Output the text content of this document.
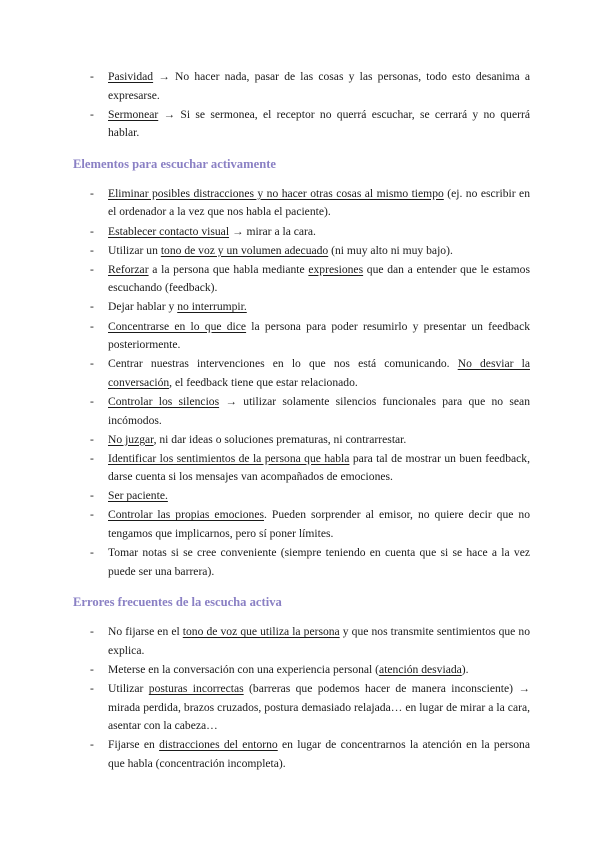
- Pasividad → No hacer nada, pasar de las cosas y las personas, todo esto desanima a expresarse.
- Sermonear → Si se sermonea, el receptor no querrá escuchar, se cerrará y no querrá hablar.
Elementos para escuchar activamente
- Eliminar posibles distracciones y no hacer otras cosas al mismo tiempo (ej. no escribir en el ordenador a la vez que nos habla el paciente).
- Establecer contacto visual → mirar a la cara.
- Utilizar un tono de voz y un volumen adecuado (ni muy alto ni muy bajo).
- Reforzar a la persona que habla mediante expresiones que dan a entender que le estamos escuchando (feedback).
- Dejar hablar y no interrumpir.
- Concentrarse en lo que dice la persona para poder resumirlo y presentar un feedback posteriormente.
- Centrar nuestras intervenciones en lo que nos está comunicando. No desviar la conversación, el feedback tiene que estar relacionado.
- Controlar los silencios → utilizar solamente silencios funcionales para que no sean incómodos.
- No juzgar, ni dar ideas o soluciones prematuras, ni contrarrestar.
- Identificar los sentimientos de la persona que habla para tal de mostrar un buen feedback, darse cuenta si los mensajes van acompañados de emociones.
- Ser paciente.
- Controlar las propias emociones. Pueden sorprender al emisor, no quiere decir que no tengamos que implicarnos, pero sí poner límites.
- Tomar notas si se cree conveniente (siempre teniendo en cuenta que si se hace a la vez puede ser una barrera).
Errores frecuentes de la escucha activa
- No fijarse en el tono de voz que utiliza la persona y que nos transmite sentimientos que no explica.
- Meterse en la conversación con una experiencia personal (atención desviada).
- Utilizar posturas incorrectas (barreras que podemos hacer de manera inconsciente) → mirada perdida, brazos cruzados, postura demasiado relajada… en lugar de mirar a la cara, asentar con la cabeza…
- Fijarse en distracciones del entorno en lugar de concentrarnos la atención en la persona que habla (concentración incompleta).
